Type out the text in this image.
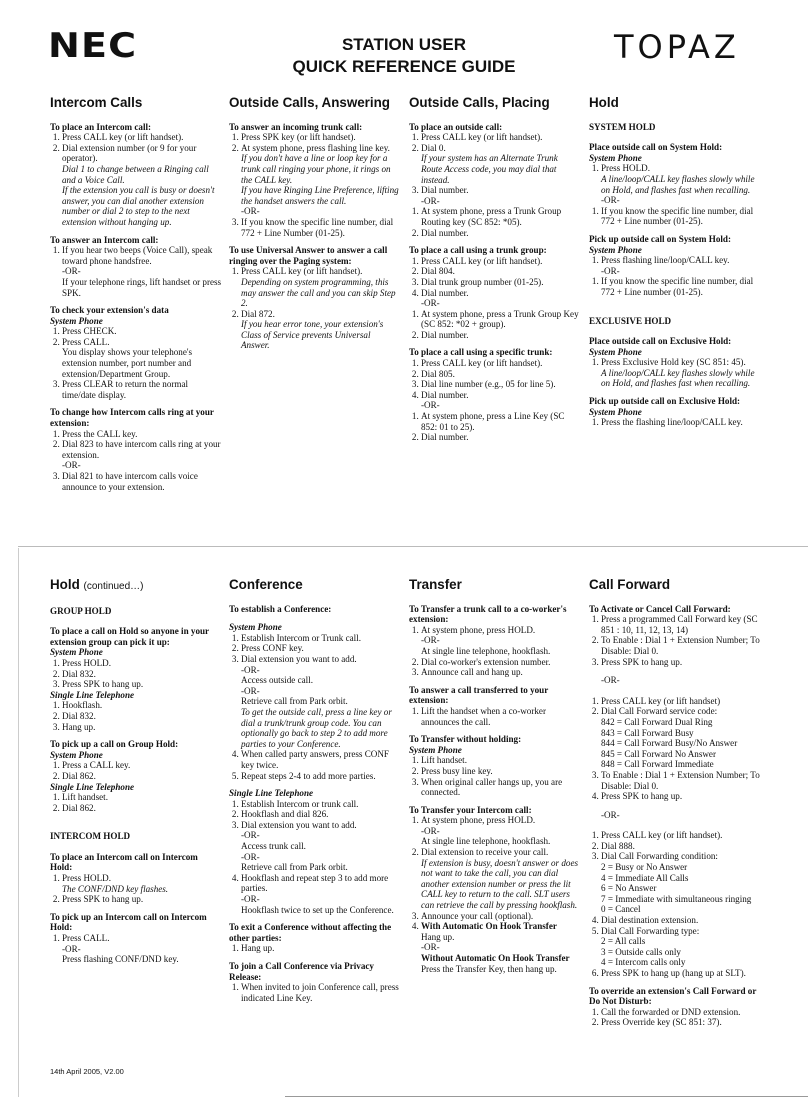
NEC	TOPAZ
STATION USER
QUICK REFERENCE GUIDE
Intercom Calls
To place an Intercom call:
1. Press CALL key (or lift handset).
2. Dial extension number (or 9 for your operator).
Dial 1 to change between a Ringing call and a Voice Call.
If the extension you call is busy or doesn't answer, you can dial another extension number or dial 2 to step to the next extension without hanging up.
To answer an Intercom call:
1. If you hear two beeps (Voice Call), speak toward phone handsfree.
-OR-
If your telephone rings, lift handset or press SPK.
To check your extension's data
System Phone
1. Press CHECK.
2. Press CALL.
You display shows your telephone's extension number, port number and extension/Department Group.
3. Press CLEAR to return the normal time/date display.
To change how Intercom calls ring at your extension:
1. Press the CALL key.
2. Dial 823 to have intercom calls ring at your extension.
-OR-
3. Dial 821 to have intercom calls voice announce to your extension.
Outside Calls, Answering
To answer an incoming trunk call:
1. Press SPK key (or lift handset).
2. At system phone, press flashing line key.
If you don't have a line or loop key for a trunk call ringing your phone, it rings on the CALL key.
If you have Ringing Line Preference, lifting the handset answers the call.
-OR-
3. If you know the specific line number, dial 772 + Line Number (01-25).
To use Universal Answer to answer a call ringing over the Paging system:
1. Press CALL key (or lift handset).
Depending on system programming, this may answer the call and you can skip Step 2.
2. Dial 872.
If you hear error tone, your extension's Class of Service prevents Universal Answer.
Outside Calls, Placing
To place an outside call:
1. Press CALL key (or lift handset).
2. Dial 0.
If your system has an Alternate Trunk Route Access code, you may dial that instead.
3. Dial number.
-OR-
1. At system phone, press a Trunk Group Routing key (SC 852: *05).
2. Dial number.
To place a call using a trunk group:
1. Press CALL key (or lift handset).
2. Dial 804.
3. Dial trunk group number (01-25).
4. Dial number.
-OR-
1. At system phone, press a Trunk Group Key (SC 852: *02 + group).
2. Dial number.
To place a call using a specific trunk:
1. Press CALL key (or lift handset).
2. Dial 805.
3. Dial line number (e.g., 05 for line 5).
4. Dial number.
-OR-
1. At system phone, press a Line Key (SC 852: 01 to 25).
2. Dial number.
Hold
SYSTEM HOLD
Place outside call on System Hold:
System Phone
1. Press HOLD.
A line/loop/CALL key flashes slowly while on Hold, and flashes fast when recalling.
-OR-
1. If you know the specific line number, dial 772 + Line number (01-25).
Pick up outside call on System Hold:
System Phone
1. Press flashing line/loop/CALL key.
-OR-
1. If you know the specific line number, dial 772 + Line number (01-25).
EXCLUSIVE HOLD
Place outside call on Exclusive Hold:
System Phone
1. Press Exclusive Hold key (SC 851: 45).
A line/loop/CALL key flashes slowly while on Hold, and flashes fast when recalling.
Pick up outside call on Exclusive Hold:
System Phone
1. Press the flashing line/loop/CALL key.
Hold (continued…)
GROUP HOLD
To place a call on Hold so anyone in your extension group can pick it up:
System Phone
1. Press HOLD.
2. Dial 832.
3. Press SPK to hang up.
Single Line Telephone
1. Hookflash.
2. Dial 832.
3. Hang up.
To pick up a call on Group Hold:
System Phone
1. Press a CALL key.
2. Dial 862.
Single Line Telephone
1. Lift handset.
2. Dial 862.
INTERCOM HOLD
To place an Intercom call on Intercom Hold:
1. Press HOLD.
The CONF/DND key flashes.
2. Press SPK to hang up.
To pick up an Intercom call on Intercom Hold:
1. Press CALL.
-OR-
Press flashing CONF/DND key.
Conference
To establish a Conference:
System Phone
1. Establish Intercom or Trunk call.
2. Press CONF key.
3. Dial extension you want to add.
-OR-
Access outside call.
-OR-
Retrieve call from Park orbit.
To get the outside call, press a line key or dial a trunk/trunk group code. You can optionally go back to step 2 to add more parties to your Conference.
4. When called party answers, press CONF key twice.
5. Repeat steps 2-4 to add more parties.
Single Line Telephone
1. Establish Intercom or trunk call.
2. Hookflash and dial 826.
3. Dial extension you want to add.
-OR-
Access trunk call.
-OR-
Retrieve call from Park orbit.
4. Hookflash and repeat step 3 to add more parties.
-OR-
Hookflash twice to set up the Conference.
To exit a Conference without affecting the other parties:
1. Hang up.
To join a Call Conference via Privacy Release:
1. When invited to join Conference call, press indicated Line Key.
Transfer
To Transfer a trunk call to a co-worker's extension:
1. At system phone, press HOLD.
-OR-
At single line telephone, hookflash.
2. Dial co-worker's extension number.
3. Announce call and hang up.
To answer a call transferred to your extension:
1. Lift the handset when a co-worker announces the call.
To Transfer without holding:
System Phone
1. Lift handset.
2. Press busy line key.
3. When original caller hangs up, you are connected.
To Transfer your Intercom call:
1. At system phone, press HOLD.
-OR-
At single line telephone, hookflash.
2. Dial extension to receive your call.
If extension is busy, doesn't answer or does not want to take the call, you can dial another extension number or press the lit CALL key to return to the call. SLT users can retrieve the call by pressing hookflash.
3. Announce your call (optional).
4. With Automatic On Hook Transfer
Hang up.
-OR-
Without Automatic On Hook Transfer
Press the Transfer Key, then hang up.
Call Forward
To Activate or Cancel Call Forward:
1. Press a programmed Call Forward key (SC 851 : 10, 11, 12, 13, 14)
2. To Enable : Dial 1 + Extension Number; To Disable: Dial 0.
3. Press SPK to hang up.
-OR-
1. Press CALL key (or lift handset)
2. Dial Call Forward service code:
842 = Call Forward Dual Ring
843 = Call Forward Busy
844 = Call Forward Busy/No Answer
845 = Call Forward No Answer
848 = Call Forward Immediate
3. To Enable : Dial 1 + Extension Number; To Disable: Dial 0.
4. Press SPK to hang up.
-OR-
1. Press CALL key (or lift handset).
2. Dial 888.
3. Dial Call Forwarding condition:
2 = Busy or No Answer
4 = Immediate All Calls
6 = No Answer
7 = Immediate with simultaneous ringing
0 = Cancel
4. Dial destination extension.
5. Dial Call Forwarding type:
2 = All calls
3 = Outside calls only
4 = Intercom calls only
6. Press SPK to hang up (hang up at SLT).
To override an extension's Call Forward or Do Not Disturb:
1. Call the forwarded or DND extension.
2. Press Override key (SC 851: 37).
14th April 2005, V2.00
